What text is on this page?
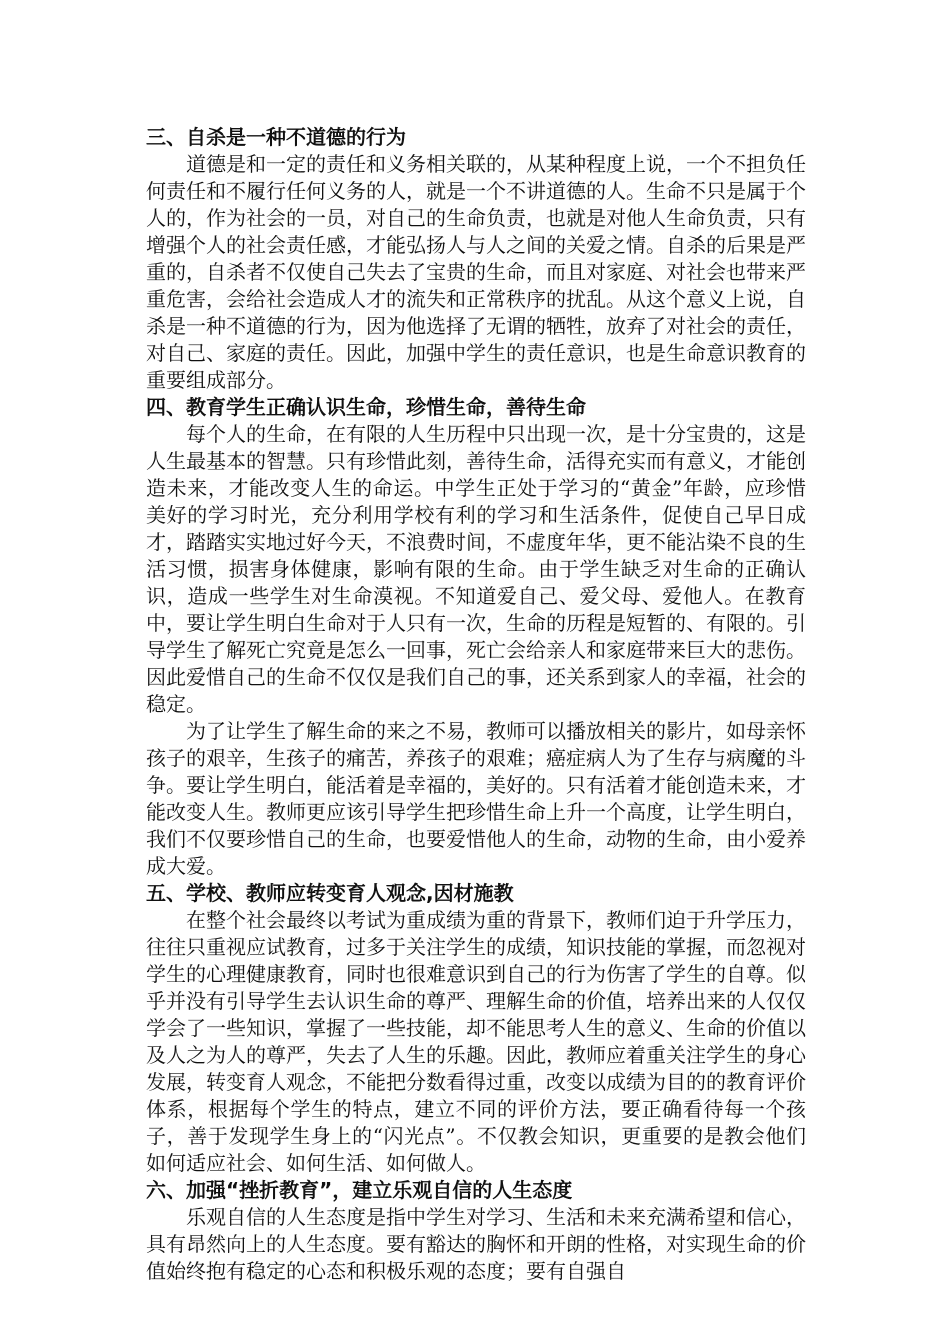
三、自杀是一种不道德的行为

道德是和一定的责任和义务相关联的，从某种程度上说，一个不担负任何责任和不履行任何义务的人，就是一个不讲道德的人。生命不只是属于个人的，作为社会的一员，对自己的生命负责，也就是对他人生命负责，只有增强个人的社会责任感，才能弘扬人与人之间的关爱之情。自杀的后果是严重的，自杀者不仅使自己失去了宝贵的生命，而且对家庭、对社会也带来严重危害，会给社会造成人才的流失和正常秩序的扰乱。从这个意义上说，自杀是一种不道德的行为，因为他选择了无谓的牺牲，放弃了对社会的责任，对自己、家庭的责任。因此，加强中学生的责任意识，也是生命意识教育的重要组成部分。

四、教育学生正确认识生命，珍惜生命，善待生命

每个人的生命，在有限的人生历程中只出现一次，是十分宝贵的，这是人生最基本的智慧。只有珍惜此刻，善待生命，活得充实而有意义，才能创造未来，才能改变人生的命运。中学生正处于学习的“黄金”年龄，应珍惜美好的学习时光，充分利用学校有利的学习和生活条件，促使自己早日成才，踏踏实实地过好今天，不浪费时间，不虚度年华，更不能沾染不良的生活习惯，损害身体健康，影响有限的生命。由于学生缺乏对生命的正确认识，造成一些学生对生命漠视。不知道爱自己、爱父母、爱他人。在教育中，要让学生明白生命对于人只有一次，生命的历程是短暂的、有限的。引导学生了解死亡究竟是怎么一回事，死亡会给亲人和家庭带来巨大的悲伤。因此爱惜自己的生命不仅仅是我们自己的事，还关系到家人的幸福，社会的稳定。

为了让学生了解生命的来之不易，教师可以播放相关的影片，如母亲怀孩子的艰辛，生孩子的痛苦，养孩子的艰难；癌症病人为了生存与病魔的斗争。要让学生明白，能活着是幸福的，美好的。只有活着才能创造未来，才能改变人生。教师更应该引导学生把珍惜生命上升一个高度，让学生明白，我们不仅要珍惜自己的生命，也要爱惜他人的生命，动物的生命，由小爱养成大爱。

五、学校、教师应转变育人观念,因材施教

在整个社会最终以考试为重成绩为重的背景下，教师们迫于升学压力，往往只重视应试教育，过多于关注学生的成绩，知识技能的掌握，而忽视对学生的心理健康教育，同时也很难意识到自己的行为伤害了学生的自尊。似乎并没有引导学生去认识生命的尊严、理解生命的价值，培养出来的人仅仅学会了一些知识，掌握了一些技能，却不能思考人生的意义、生命的价值以及人之为人的尊严，失去了人生的乐趣。因此，教师应着重关注学生的身心发展，转变育人观念，不能把分数看得过重，改变以成绩为目的的教育评价体系，根据每个学生的特点，建立不同的评价方法，要正确看待每一个孩子，善于发现学生身上的“闪光点”。不仅教会知识，更重要的是教会他们如何适应社会、如何生活、如何做人。

六、加强“挫折教育”，建立乐观自信的人生态度

乐观自信的人生态度是指中学生对学习、生活和未来充满希望和信心，具有昂然向上的人生态度。要有豁达的胸怀和开朗的性格，对实现生命的价值始终抱有稳定的心态和积极乐观的态度；要有自强自
